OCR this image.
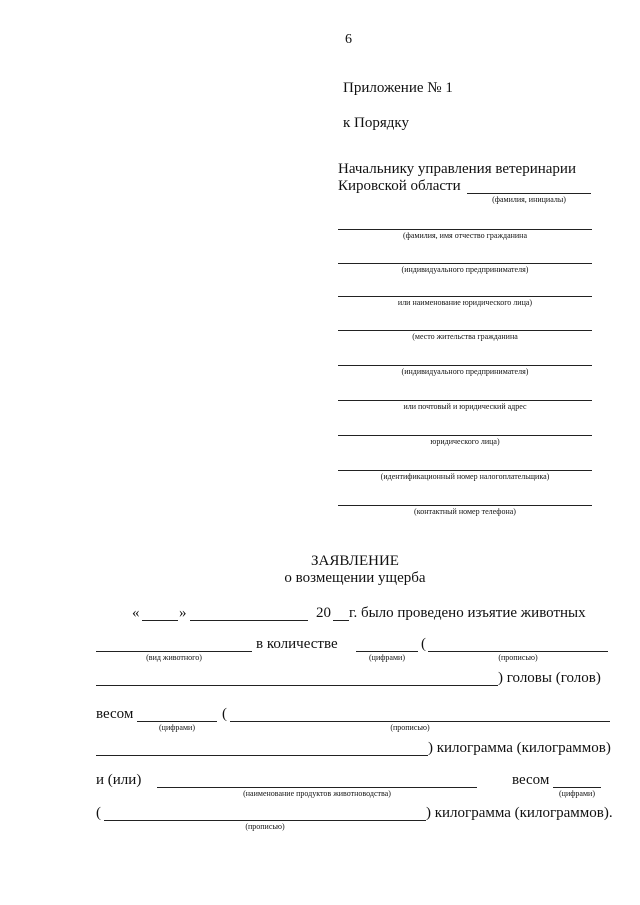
6
Приложение № 1
к Порядку
Начальнику управления ветеринарии
Кировской области
(фамилия, инициалы)
(фамилия, имя отчество гражданина
(индивидуального предпринимателя)
или наименование юридического лица)
(место жительства гражданина
(индивидуального предпринимателя)
или почтовый и юридический адрес
юридического лица)
(идентификационный номер налогоплательщика)
(контактный номер телефона)
ЗАЯВЛЕНИЕ
о возмещении ущерба
«	»	20 г. было проведено изъятие животных
(вид животного)
в количестве
(цифрами)
(
(прописью)
) головы (голов)
весом
(цифрами)
(
(прописью)
) килограмма (килограммов)
и (или)
(наименование продуктов животноводства)
весом
(цифрами)
(
(прописью)
) килограмма (килограммов).
